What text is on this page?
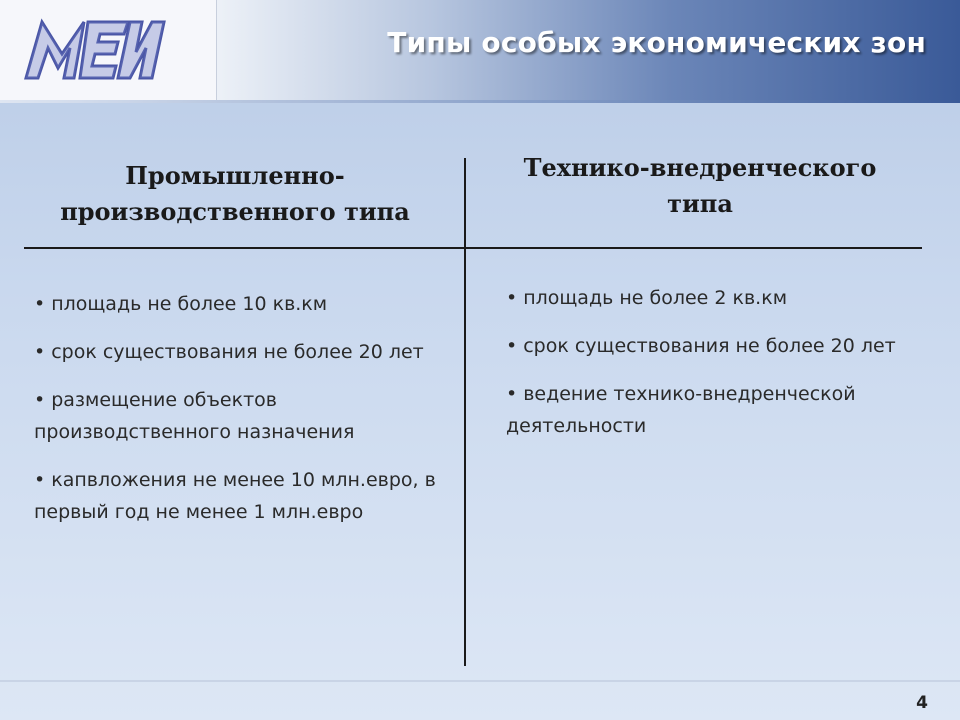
Типы особых экономических зон
Промышленно-
производственного типа
Технико-внедренческого
типа
• площадь не более 10 кв.км
• срок существования не более 20 лет
• размещение объектов производственного назначения
• капвложения не менее 10 млн.евро, в первый год не менее 1 млн.евро
• площадь не более 2 кв.км
• срок существования не более 20 лет
• ведение технико-внедренческой деятельности
4
